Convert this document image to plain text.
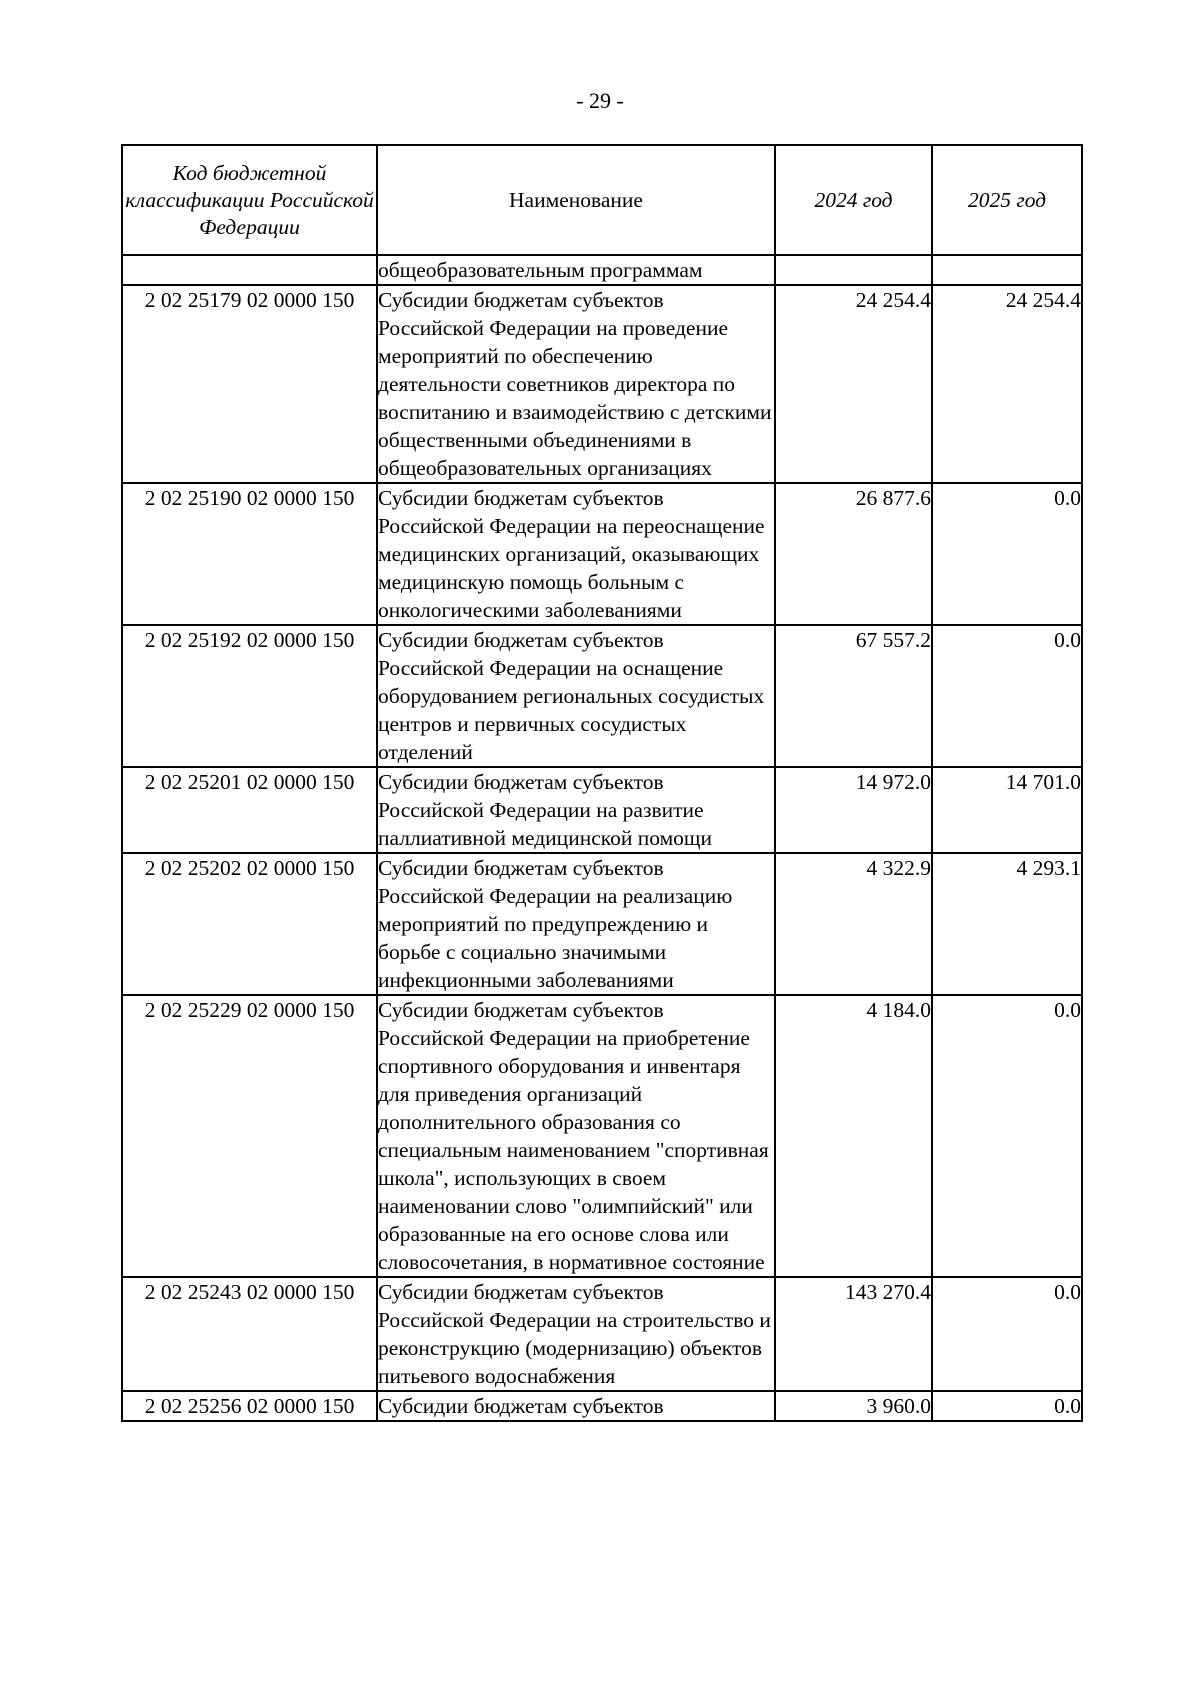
- 29 -
Код бюджетной классификации Российской Федерации	Наименование	2024 год	2025 год
	общеобразовательным программам		
2 02 25179 02 0000 150	Субсидии бюджетам субъектов Российской Федерации на проведение мероприятий по обеспечению деятельности советников директора по воспитанию и взаимодействию с детскими общественными объединениями в общеобразовательных организациях	24 254.4	24 254.4
2 02 25190 02 0000 150	Субсидии бюджетам субъектов Российской Федерации на переоснащение медицинских организаций, оказывающих медицинскую помощь больным с онкологическими заболеваниями	26 877.6	0.0
2 02 25192 02 0000 150	Субсидии бюджетам субъектов Российской Федерации на оснащение оборудованием региональных сосудистых центров и первичных сосудистых отделений	67 557.2	0.0
2 02 25201 02 0000 150	Субсидии бюджетам субъектов Российской Федерации на развитие паллиативной медицинской помощи	14 972.0	14 701.0
2 02 25202 02 0000 150	Субсидии бюджетам субъектов Российской Федерации на реализацию мероприятий по предупреждению и борьбе с социально значимыми инфекционными заболеваниями	4 322.9	4 293.1
2 02 25229 02 0000 150	Субсидии бюджетам субъектов Российской Федерации на приобретение спортивного оборудования и инвентаря для приведения организаций дополнительного образования со специальным наименованием "спортивная школа", использующих в своем наименовании слово "олимпийский" или образованные на его основе слова или словосочетания, в нормативное состояние	4 184.0	0.0
2 02 25243 02 0000 150	Субсидии бюджетам субъектов Российской Федерации на строительство и реконструкцию (модернизацию) объектов питьевого водоснабжения	143 270.4	0.0
2 02 25256 02 0000 150	Субсидии бюджетам субъектов	3 960.0	0.0
